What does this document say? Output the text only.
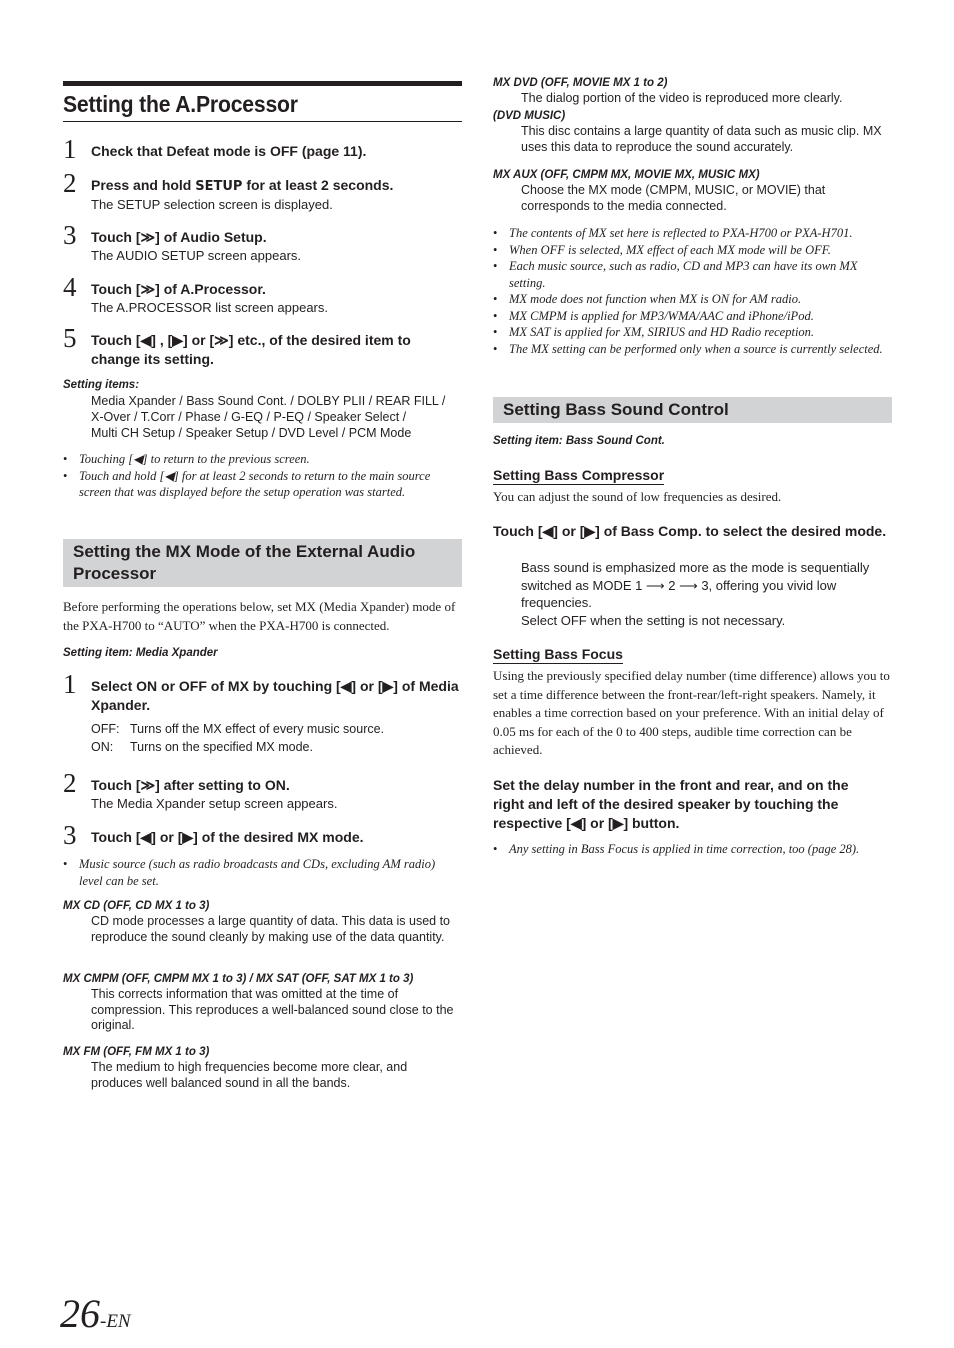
Setting the A.Processor
1 Check that Defeat mode is OFF (page 11).
2 Press and hold SETUP for at least 2 seconds.
The SETUP selection screen is displayed.
3 Touch [≫] of Audio Setup.
The AUDIO SETUP screen appears.
4 Touch [≫] of A.Processor.
The A.PROCESSOR list screen appears.
5 Touch [◀] , [▶] or [≫] etc., of the desired item to change its setting.
Setting items:
Media Xpander / Bass Sound Cont. / DOLBY PLII / REAR FILL /
X-Over / T.Corr / Phase / G-EQ / P-EQ / Speaker Select /
Multi CH Setup / Speaker Setup / DVD Level / PCM Mode
• Touching [◀] to return to the previous screen.
• Touch and hold [◀] for at least 2 seconds to return to the main source screen that was displayed before the setup operation was started.
Setting the MX Mode of the External Audio Processor
Before performing the operations below, set MX (Media Xpander) mode of the PXA-H700 to “AUTO” when the PXA-H700 is connected.
Setting item: Media Xpander
1 Select ON or OFF of MX by touching [◀] or [▶] of Media Xpander.
OFF: Turns off the MX effect of every music source.
ON: Turns on the specified MX mode.
2 Touch [≫] after setting to ON.
The Media Xpander setup screen appears.
3 Touch [◀] or [▶] of the desired MX mode.
• Music source (such as radio broadcasts and CDs, excluding AM radio) level can be set.
MX CD (OFF, CD MX 1 to 3)
CD mode processes a large quantity of data. This data is used to reproduce the sound cleanly by making use of the data quantity.
MX CMPM (OFF, CMPM MX 1 to 3) / MX SAT (OFF, SAT MX 1 to 3)
This corrects information that was omitted at the time of compression. This reproduces a well-balanced sound close to the original.
MX FM (OFF, FM MX 1 to 3)
The medium to high frequencies become more clear, and produces well balanced sound in all the bands.
MX DVD (OFF, MOVIE MX 1 to 2)
The dialog portion of the video is reproduced more clearly.
(DVD MUSIC)
This disc contains a large quantity of data such as music clip. MX uses this data to reproduce the sound accurately.
MX AUX (OFF, CMPM MX, MOVIE MX, MUSIC MX)
Choose the MX mode (CMPM, MUSIC, or MOVIE) that corresponds to the media connected.
• The contents of MX set here is reflected to PXA-H700 or PXA-H701.
• When OFF is selected, MX effect of each MX mode will be OFF.
• Each music source, such as radio, CD and MP3 can have its own MX setting.
• MX mode does not function when MX is ON for AM radio.
• MX CMPM is applied for MP3/WMA/AAC and iPhone/iPod.
• MX SAT is applied for XM, SIRIUS and HD Radio reception.
• The MX setting can be performed only when a source is currently selected.
Setting Bass Sound Control
Setting item: Bass Sound Cont.
Setting Bass Compressor
You can adjust the sound of low frequencies as desired.
Touch [◀] or [▶] of Bass Comp. to select the desired mode.
Bass sound is emphasized more as the mode is sequentially switched as MODE 1 ⟶ 2 ⟶ 3, offering you vivid low frequencies.
Select OFF when the setting is not necessary.
Setting Bass Focus
Using the previously specified delay number (time difference) allows you to set a time difference between the front-rear/left-right speakers. Namely, it enables a time correction based on your preference. With an initial delay of 0.05 ms for each of the 0 to 400 steps, audible time correction can be achieved.
Set the delay number in the front and rear, and on the right and left of the desired speaker by touching the respective [◀] or [▶] button.
• Any setting in Bass Focus is applied in time correction, too (page 28).
26-EN
